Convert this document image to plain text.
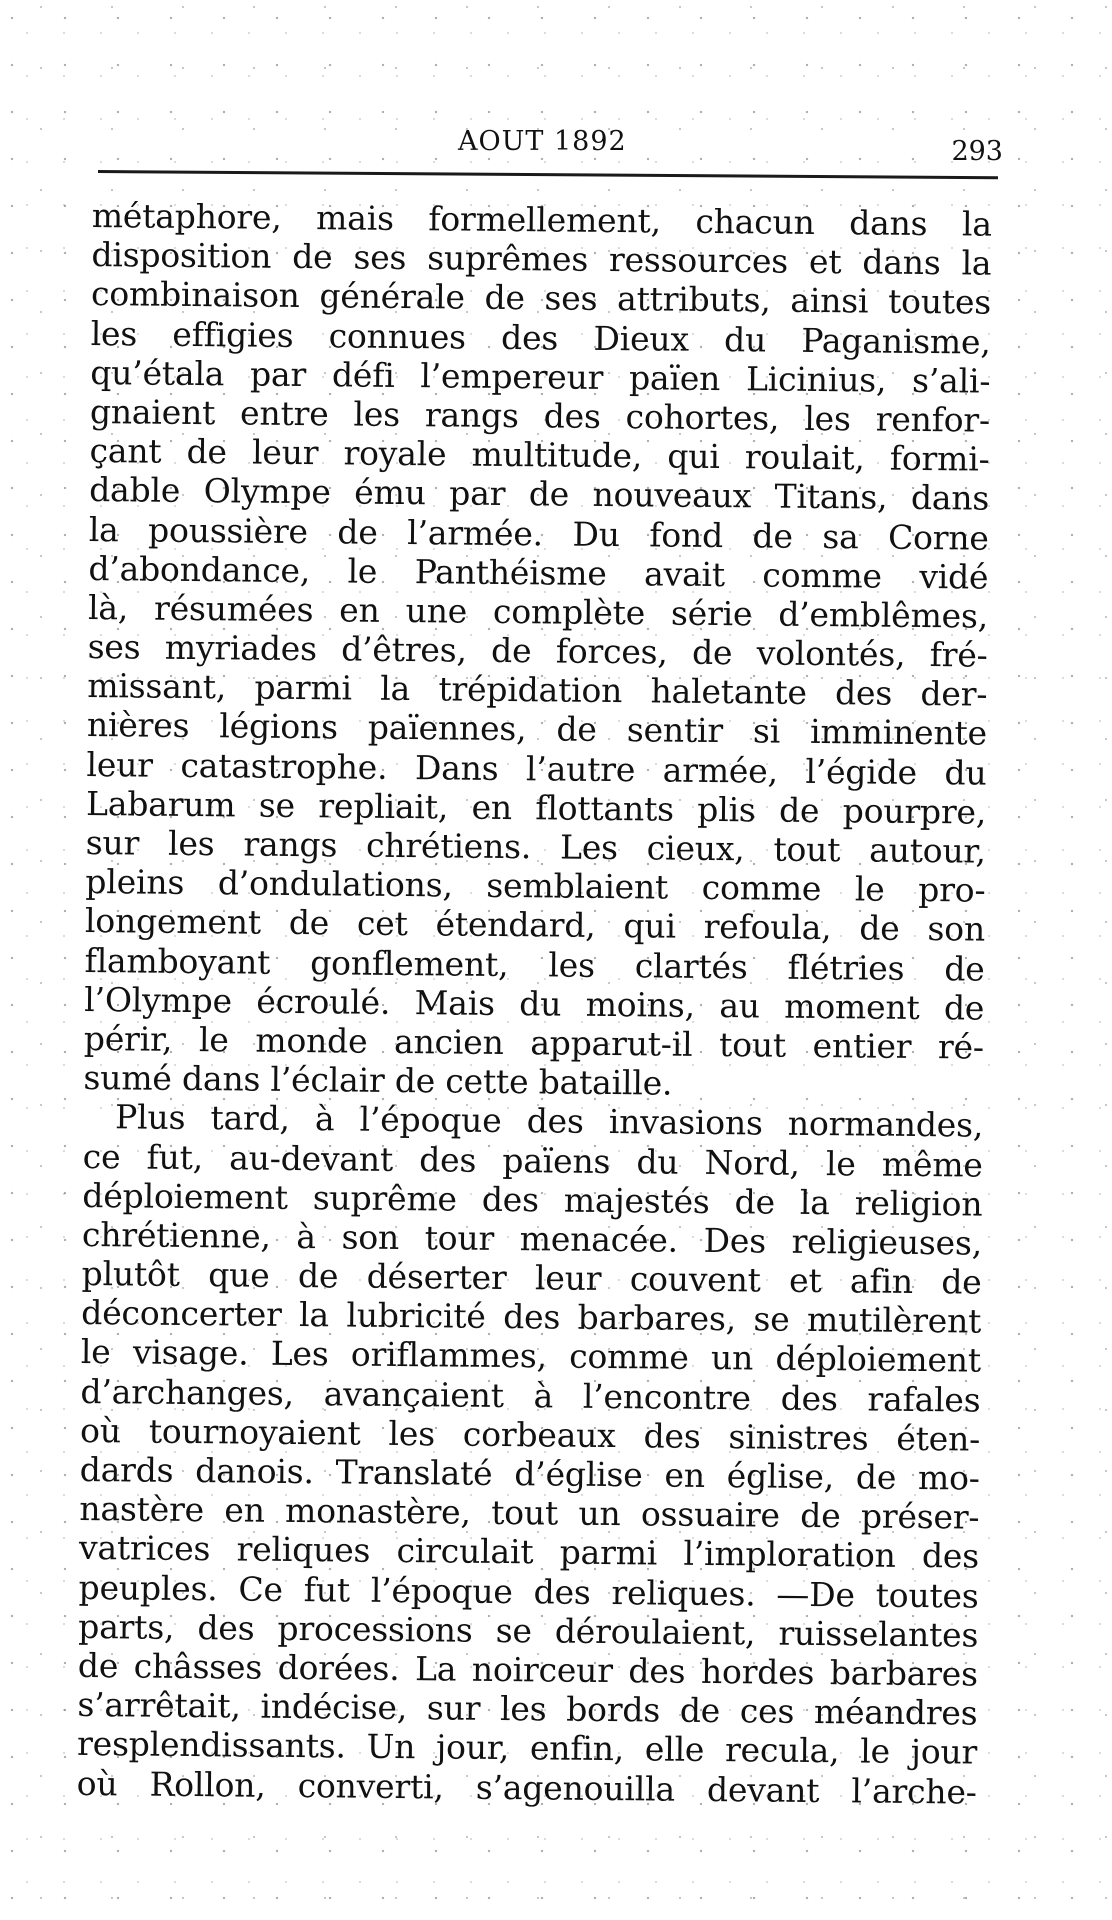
AOUT 1892	293
métaphore, mais formellement, chacun dans la
disposition de ses suprêmes ressources et dans la
combinaison générale de ses attributs, ainsi toutes
les effigies connues des Dieux du Paganisme,
qu’étala par défi l’empereur païen Licinius, s’ali-
gnaient entre les rangs des cohortes, les renfor-
çant de leur royale multitude, qui roulait, formi-
dable Olympe ému par de nouveaux Titans, dans
la poussière de l’armée. Du fond de sa Corne
d’abondance, le Panthéisme avait comme vidé
là, résumées en une complète série d’emblêmes,
ses myriades d’êtres, de forces, de volontés, fré-
missant, parmi la trépidation haletante des der-
nières légions païennes, de sentir si imminente
leur catastrophe. Dans l’autre armée, l’égide du
Labarum se repliait, en flottants plis de pourpre,
sur les rangs chrétiens. Les cieux, tout autour,
pleins d’ondulations, semblaient comme le pro-
longement de cet étendard, qui refoula, de son
flamboyant gonflement, les clartés flétries de
l’Olympe écroulé. Mais du moins, au moment de
périr, le monde ancien apparut-il tout entier ré-
sumé dans l’éclair de cette bataille.
Plus tard, à l’époque des invasions normandes,
ce fut, au-devant des païens du Nord, le même
déploiement suprême des majestés de la religion
chrétienne, à son tour menacée. Des religieuses,
plutôt que de déserter leur couvent et afin de
déconcerter la lubricité des barbares, se mutilèrent
le visage. Les oriflammes, comme un déploiement
d’archanges, avançaient à l’encontre des rafales
où tournoyaient les corbeaux des sinistres éten-
dards danois. Translaté d’église en église, de mo-
nastère en monastère, tout un ossuaire de préser-
vatrices reliques circulait parmi l’imploration des
peuples. Ce fut l’époque des reliques. —De toutes
parts, des processions se déroulaient, ruisselantes
de châsses dorées. La noirceur des hordes barbares
s’arrêtait, indécise, sur les bords de ces méandres
resplendissants. Un jour, enfin, elle recula, le jour
où Rollon, converti, s’agenouilla devant l’arche-
